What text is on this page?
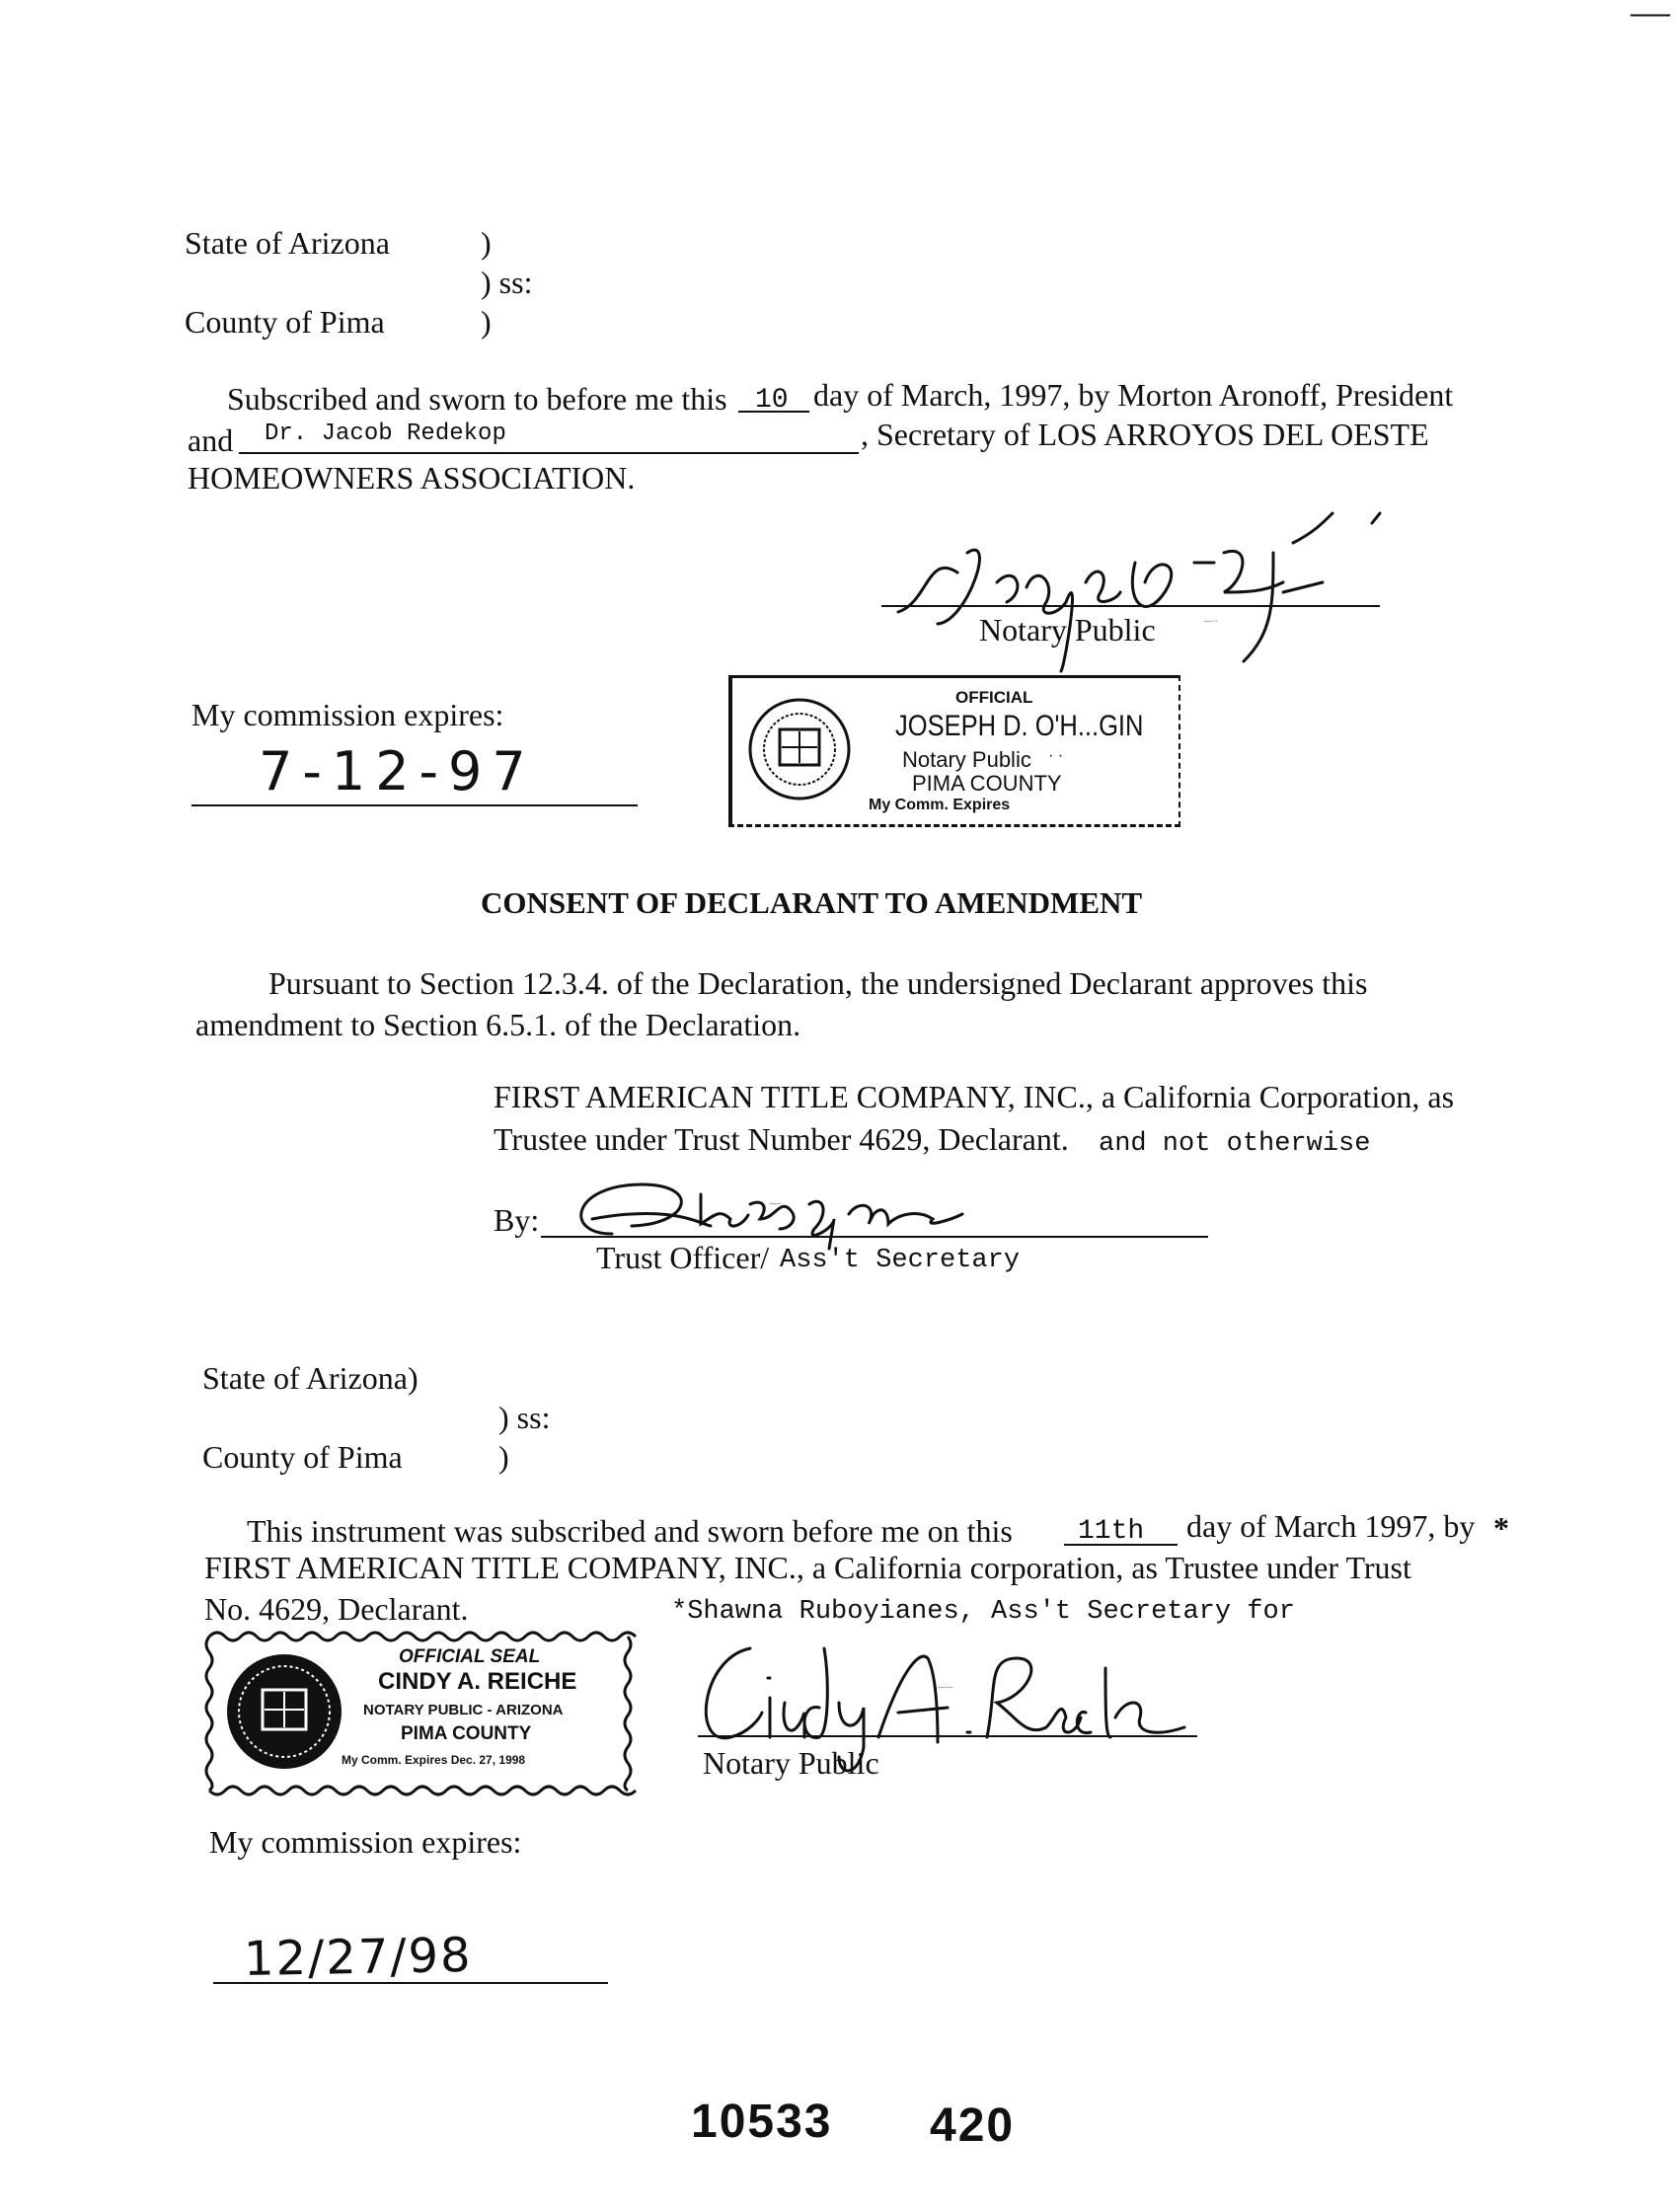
—
State of Arizona	)
) ss:
County of Pima	)
Subscribed and sworn to before me this 10 day of March, 1997, by Morton Aronoff, President
and Dr. Jacob Redekop	, Secretary of LOS ARROYOS DEL OESTE
HOMEOWNERS ASSOCIATION.
Joseph D. O'H
Notary Public
My commission expires:
7-12-97
OFFICIAL
JOSEPH D. O'H...GIN
Notary Public · ·
PIMA COUNTY
My Comm. Expires
CONSENT OF DECLARANT TO AMENDMENT
Pursuant to Section 12.3.4. of the Declaration, the undersigned Declarant approves this
amendment to Section 6.5.1. of the Declaration.
FIRST AMERICAN TITLE COMPANY, INC., a California Corporation, as
Trustee under Trust Number 4629, Declarant. and not otherwise
By:	Ruboyianes
Trust Officer/ Ass't Secretary
State of Arizona)
) ss:
County of Pima	)
This instrument was subscribed and sworn before me on this 11th day of March 1997, by *
FIRST AMERICAN TITLE COMPANY, INC., a California corporation, as Trustee under Trust
No. 4629, Declarant.	*Shawna Ruboyianes, Ass't Secretary for
OFFICIAL SEAL
CINDY A. REICHE
NOTARY PUBLIC - ARIZONA
PIMA COUNTY
My Comm. Expires Dec. 27, 1998
Cindy A. Reiche
Notary Public
My commission expires:
12/27/98
10533 420
